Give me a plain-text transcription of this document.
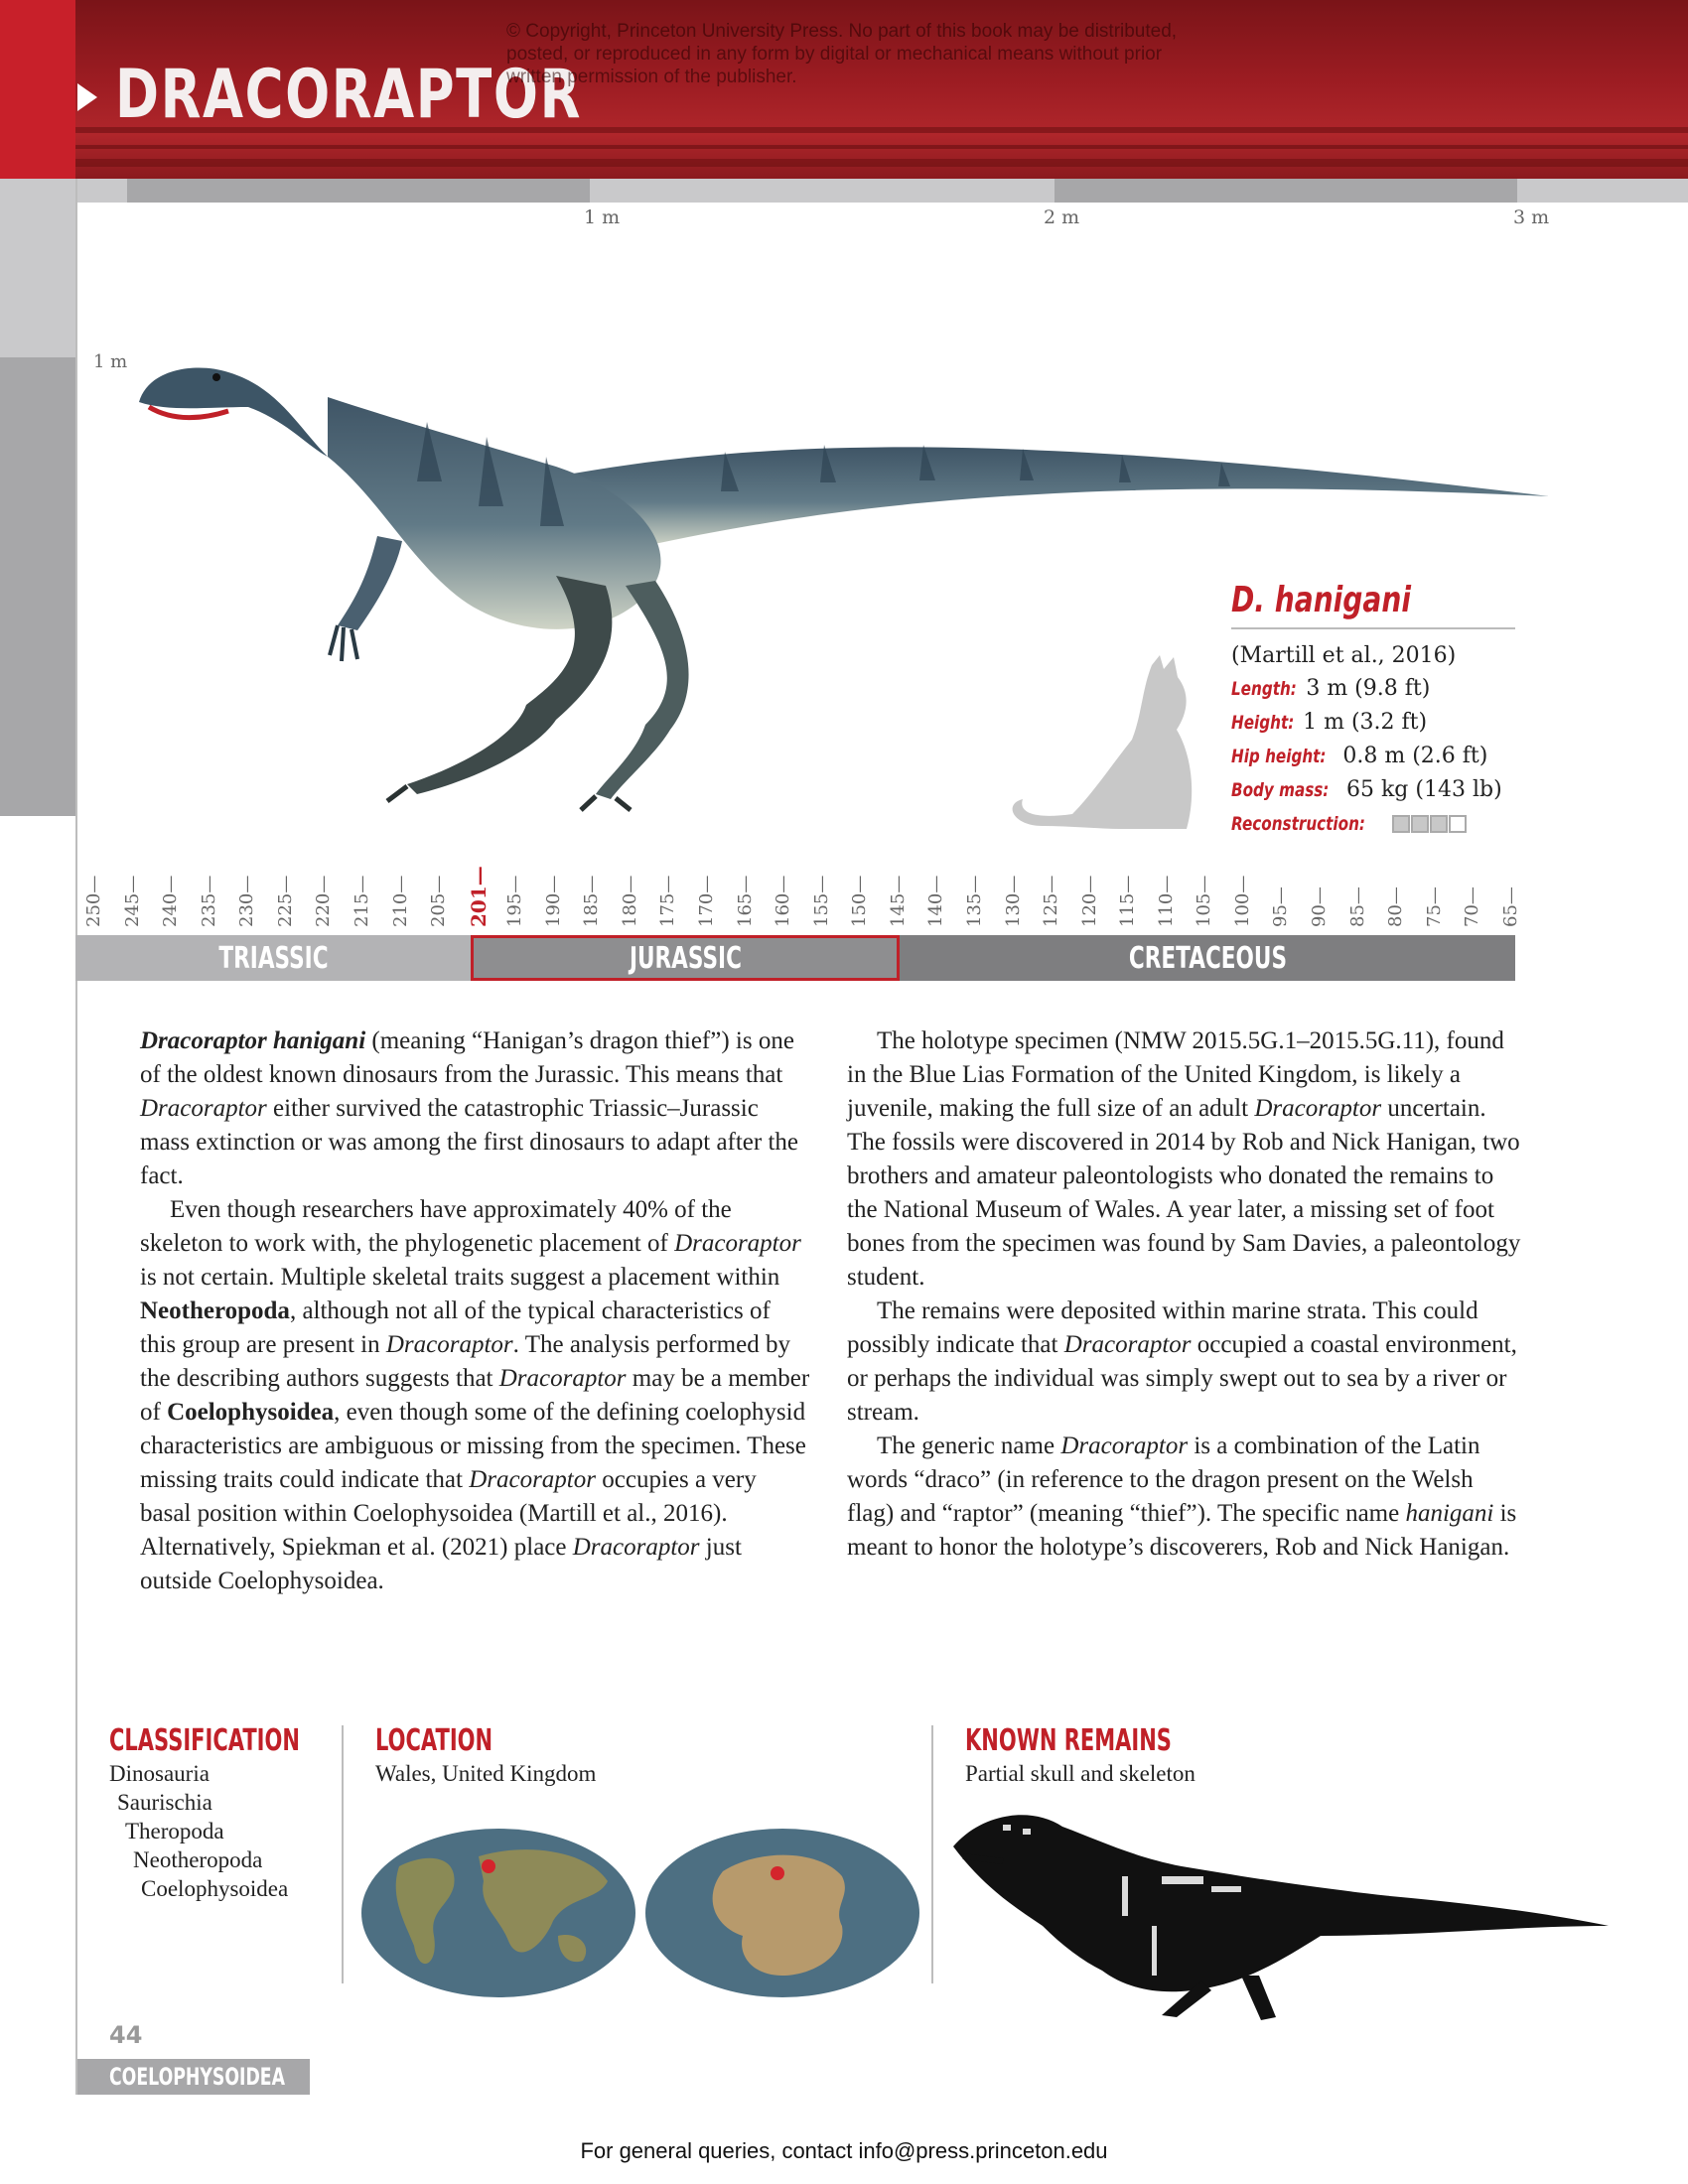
DRACORAPTOR
© Copyright, Princeton University Press. No part of this book may be distributed, posted, or reproduced in any form by digital or mechanical means without prior written permission of the publisher.
1 m	2 m	3 m
1 m
D. hanigani
(Martill et al., 2016)
Length: 3 m (9.8 ft)
Height: 1 m (3.2 ft)
Hip height: 0.8 m (2.6 ft)
Body mass: 65 kg (143 lb)
Reconstruction:
250— 245— 240— 235— 230— 225— 220— 215— 210— 205— 201— 195— 190— 185— 180— 175— 170— 165— 160— 155— 150— 145— 140— 135— 130— 125— 120— 115— 110— 105— 100— 95— 90— 85— 80— 75— 70— 65—
TRIASSIC	JURASSIC	CRETACEOUS

Dracoraptor hanigani (meaning “Hanigan’s dragon thief”) is one of the oldest known dinosaurs from the Jurassic. This means that Dracoraptor either survived the catastrophic Triassic–Jurassic mass extinction or was among the first dinosaurs to adapt after the fact.

Even though researchers have approximately 40% of the skeleton to work with, the phylogenetic placement of Dracoraptor is not certain. Multiple skeletal traits suggest a placement within Neotheropoda, although not all of the typical characteristics of this group are present in Dracoraptor. The analysis performed by the describing authors suggests that Dracoraptor may be a member of Coelophysoidea, even though some of the defining coelophysid characteristics are ambiguous or missing from the specimen. These missing traits could indicate that Dracoraptor occupies a very basal position within Coelophysoidea (Martill et al., 2016). Alternatively, Spiekman et al. (2021) place Dracoraptor just outside Coelophysoidea.

The holotype specimen (NMW 2015.5G.1–2015.5G.11), found in the Blue Lias Formation of the United Kingdom, is likely a juvenile, making the full size of an adult Dracoraptor uncertain. The fossils were discovered in 2014 by Rob and Nick Hanigan, two brothers and amateur paleontologists who donated the remains to the National Museum of Wales. A year later, a missing set of foot bones from the specimen was found by Sam Davies, a paleontology student.

The remains were deposited within marine strata. This could possibly indicate that Dracoraptor occupied a coastal environment, or perhaps the individual was simply swept out to sea by a river or stream.

The generic name Dracoraptor is a combination of the Latin words “draco” (in reference to the dragon present on the Welsh flag) and “raptor” (meaning “thief”). The specific name hanigani is meant to honor the holotype’s discoverers, Rob and Nick Hanigan.

CLASSIFICATION
Dinosauria
Saurischia
Theropoda
Neotheropoda
Coelophysoidea
LOCATION
Wales, United Kingdom
KNOWN REMAINS
Partial skull and skeleton
44
COELOPHYSOIDEA
For general queries, contact info@press.princeton.edu
